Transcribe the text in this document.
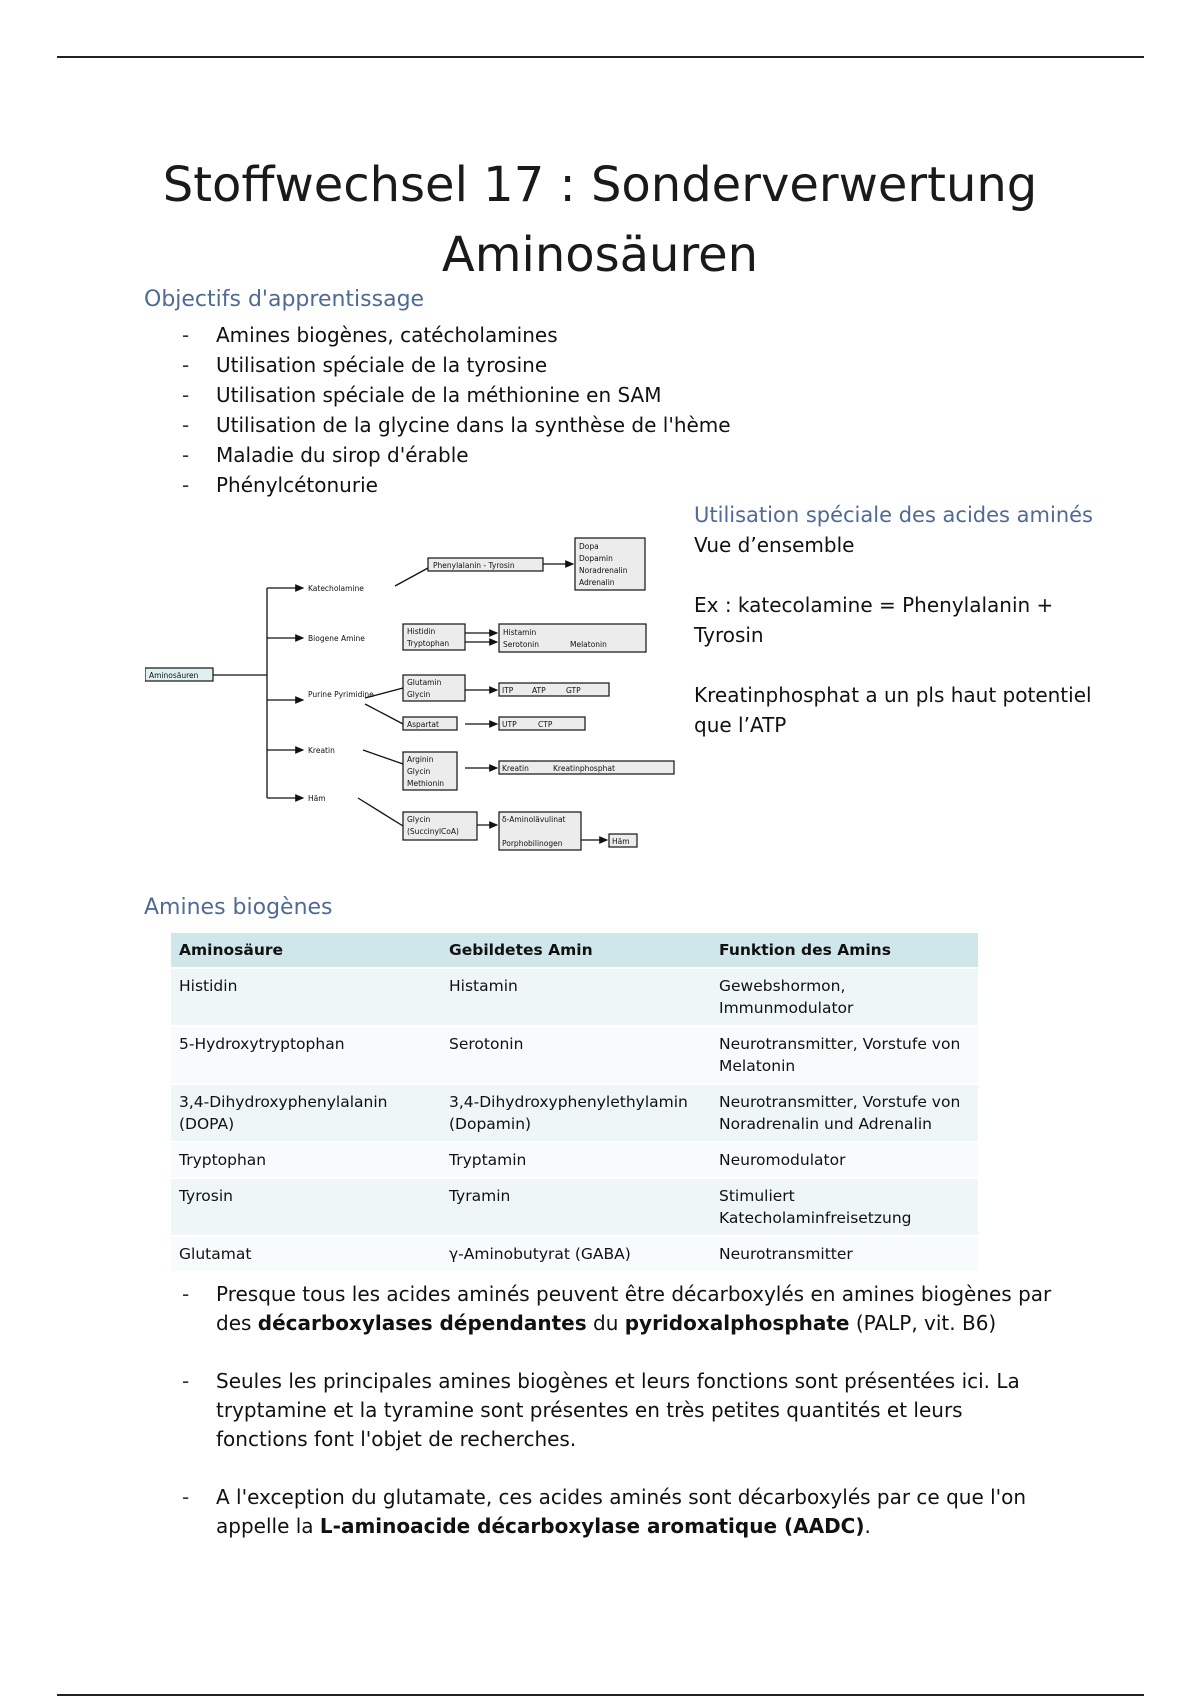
Stoffwechsel 17 : Sonderverwertung
Aminosäuren
Objectifs d'apprentissage
- Amines biogènes, catécholamines
- Utilisation spéciale de la tyrosine
- Utilisation spéciale de la méthionine en SAM
- Utilisation de la glycine dans la synthèse de l'hème
- Maladie du sirop d'érable
- Phénylcétonurie
Aminosäuren
Katecholamine
Biogene Amine
Purine Pyrimidine
Kreatin
Häm
Phenylalanin - Tyrosin
Dopa
Dopamin
Noradrenalin
Adrenalin
Histidin
Tryptophan
Histamin
Serotonin	Melatonin
Glutamin
Glycin	ITP ATP	GTP
Aspartat	UTP	CTP
Arginin
Glycin
Methionin
Kreatin	Kreatinphosphat
Glycin
(SuccinylCoA)
δ-Aminolävulinat
Porphobilinogen	Häm

Utilisation spéciale des acides aminés

Vue d’ensemble

Ex : katecolamine = Phenylalanin + Tyrosin

Kreatinphosphat a un pls haut potentiel que l’ATP

Amines biogènes
Aminosäure	Gebildetes Amin	Funktion des Amins
Histidin	Histamin	Gewebshormon, Immunmodulator
5-Hydroxytryptophan	Serotonin	Neurotransmitter, Vorstufe von Melatonin
3,4-Dihydroxyphenylalanin (DOPA)	3,4-Dihydroxyphenylethylamin (Dopamin)	Neurotransmitter, Vorstufe von Noradrenalin und Adrenalin
Tryptophan	Tryptamin	Neuromodulator
Tyrosin	Tyramin	Stimuliert Katecholaminfreisetzung
Glutamat	γ-Aminobutyrat (GABA)	Neurotransmitter
- Presque tous les acides aminés peuvent être décarboxylés en amines biogènes par des décarboxylases dépendantes du pyridoxalphosphate (PALP, vit. B6)
- Seules les principales amines biogènes et leurs fonctions sont présentées ici. La tryptamine et la tyramine sont présentes en très petites quantités et leurs fonctions font l'objet de recherches.
- A l'exception du glutamate, ces acides aminés sont décarboxylés par ce que l'on appelle la L-aminoacide décarboxylase aromatique (AADC).
